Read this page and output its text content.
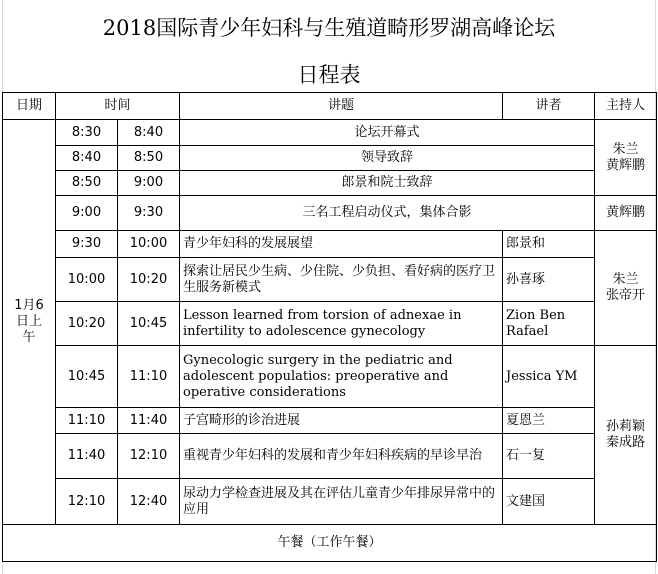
2018国际青少年妇科与生殖道畸形罗湖高峰论坛
日程表
日期	时间		讲题	讲者	主持人

1月6日上午	8:30	8:40	论坛开幕式		朱兰
黄辉鹏

	8:40	8:50	领导致辞		
	8:50	9:00	郎景和院士致辞		
	9:00	9:30	三名工程启动仪式，集体合影		黄辉鹏

	9:30	10:00	青少年妇科的发展展望	郎景和	朱兰
张帝开

	10:00	10:20	探索让居民少生病、少住院、少负担、看好病的医疗卫生服务新模式	孙喜琢	
	10:20	10:45	Lesson learned from torsion of adnexae in infertility to adolescence gynecology	Zion Ben Rafael	
	10:45	11:10	Gynecologic surgery in the pediatric and adolescent populatios: preoperative and operative considerations	Jessica YM	孙莉颖
秦成路

	11:10	11:40	子宫畸形的诊治进展	夏恩兰	
	11:40	12:10	重视青少年妇科的发展和青少年妇科疾病的早诊早治	石一复	
	12:10	12:40	尿动力学检查进展及其在评估儿童青少年排尿异常中的应用	文建国	
午餐（工作午餐）					
